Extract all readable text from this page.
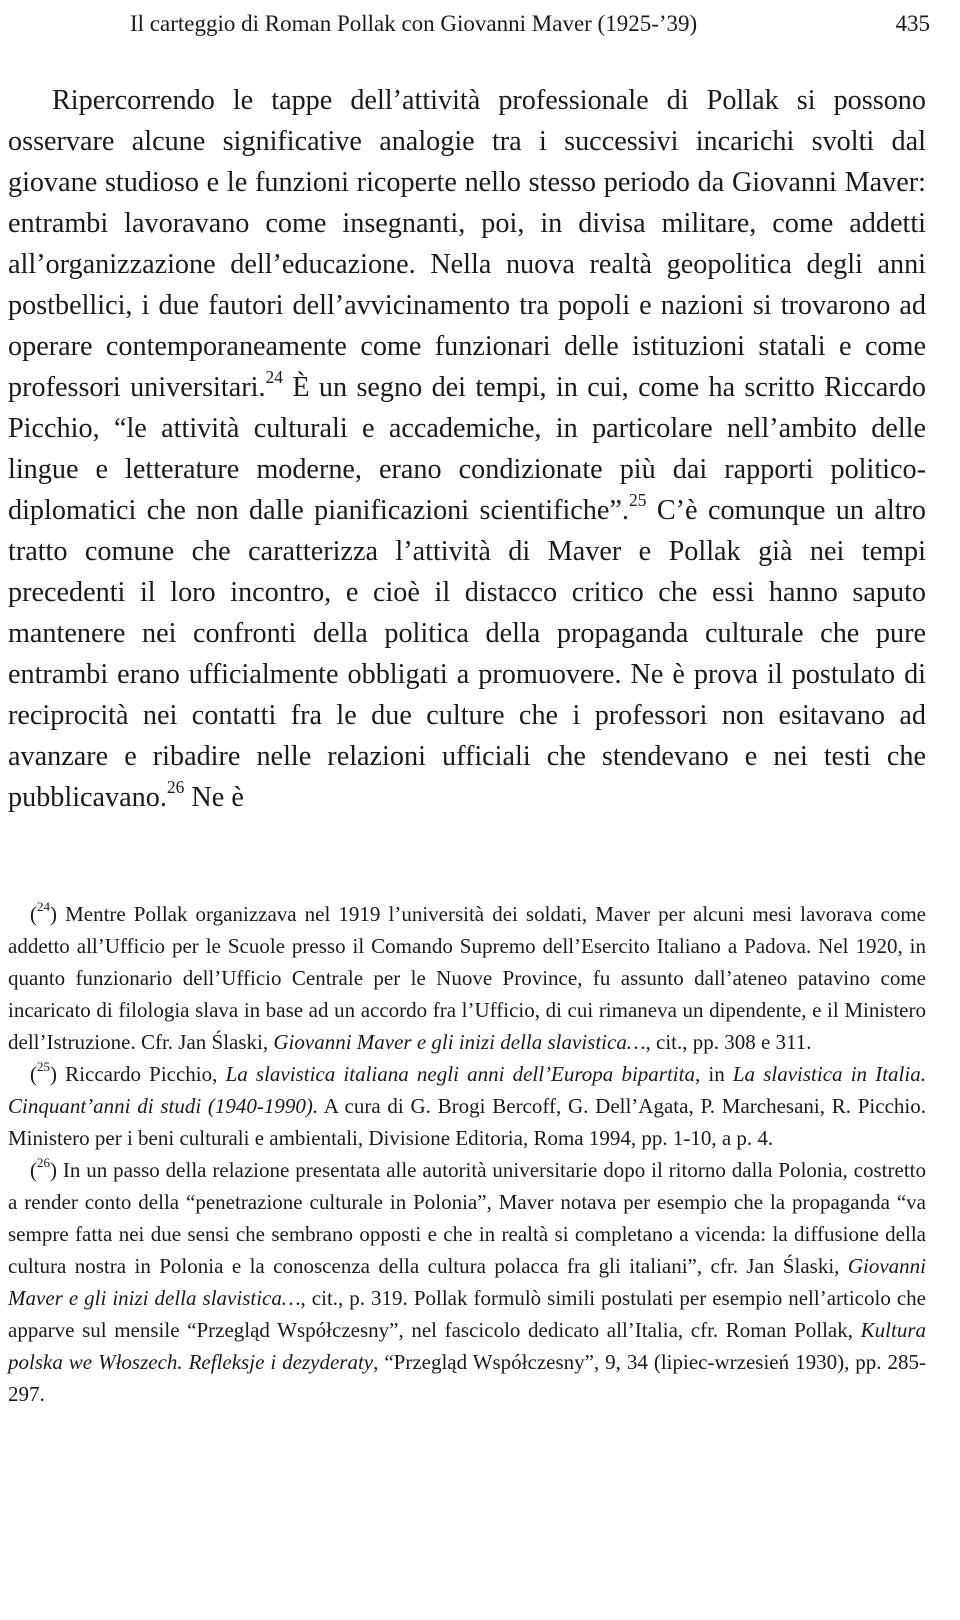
Il carteggio di Roman Pollak con Giovanni Maver (1925-’39)	435

Ripercorrendo le tappe dell’attività professionale di Pollak si possono osservare alcune significative analogie tra i successivi incarichi svolti dal giovane studioso e le funzioni ricoperte nello stesso periodo da Giovanni Maver: entrambi lavoravano come insegnanti, poi, in divisa militare, come addetti all’organizzazione dell’educazione. Nella nuova realtà geopolitica degli anni postbellici, i due fautori dell’avvicinamento tra popoli e nazioni si trovarono ad operare contemporaneamente come funzionari delle istituzioni statali e come professori universitari.$^{24}$ È un segno dei tempi, in cui, come ha scritto Riccardo Picchio, “le attività culturali e accademiche, in particolare nell’ambito delle lingue e letterature moderne, erano condizionate più dai rapporti politico-diplomatici che non dalle pianificazioni scientifiche”.$^{25}$ C’è comunque un altro tratto comune che caratterizza l’attività di Maver e Pollak già nei tempi precedenti il loro incontro, e cioè il distacco critico che essi hanno saputo mantenere nei confronti della politica della propaganda culturale che pure entrambi erano ufficialmente obbligati a promuovere. Ne è prova il postulato di reciprocità nei contatti fra le due culture che i professori non esitavano ad avanzare e ribadire nelle relazioni ufficiali che stendevano e nei testi che pubblicavano.$^{26}$ Ne è

($^{24}$) Mentre Pollak organizzava nel 1919 l’università dei soldati, Maver per alcuni mesi lavorava come addetto all’Ufficio per le Scuole presso il Comando Supremo dell’Esercito Italiano a Padova. Nel 1920, in quanto funzionario dell’Ufficio Centrale per le Nuove Province, fu assunto dall’ateneo patavino come incaricato di filologia slava in base ad un accordo fra l’Ufficio, di cui rimaneva un dipendente, e il Ministero dell’Istruzione. Cfr. Jan Ślaski, Giovanni Maver e gli inizi della slavistica…, cit., pp. 308 e 311.

($^{25}$) Riccardo Picchio, La slavistica italiana negli anni dell’Europa bipartita, in La slavistica in Italia. Cinquant’anni di studi (1940-1990). A cura di G. Brogi Bercoff, G. Dell’Agata, P. Marchesani, R. Picchio. Ministero per i beni culturali e ambientali, Divisione Editoria, Roma 1994, pp. 1-10, a p. 4.

($^{26}$) In un passo della relazione presentata alle autorità universitarie dopo il ritorno dalla Polonia, costretto a render conto della “penetrazione culturale in Polonia”, Maver notava per esempio che la propaganda “va sempre fatta nei due sensi che sembrano opposti e che in realtà si completano a vicenda: la diffusione della cultura nostra in Polonia e la conoscenza della cultura polacca fra gli italiani”, cfr. Jan Ślaski, Giovanni Maver e gli inizi della slavistica…, cit., p. 319. Pollak formulò simili postulati per esempio nell’articolo che apparve sul mensile “Przegląd Współczesny”, nel fascicolo dedicato all’Italia, cfr. Roman Pollak, Kultura polska we Włoszech. Refleksje i dezyderaty, “Przegląd Współczesny”, 9, 34 (lipiec-wrzesień 1930), pp. 285-297.
